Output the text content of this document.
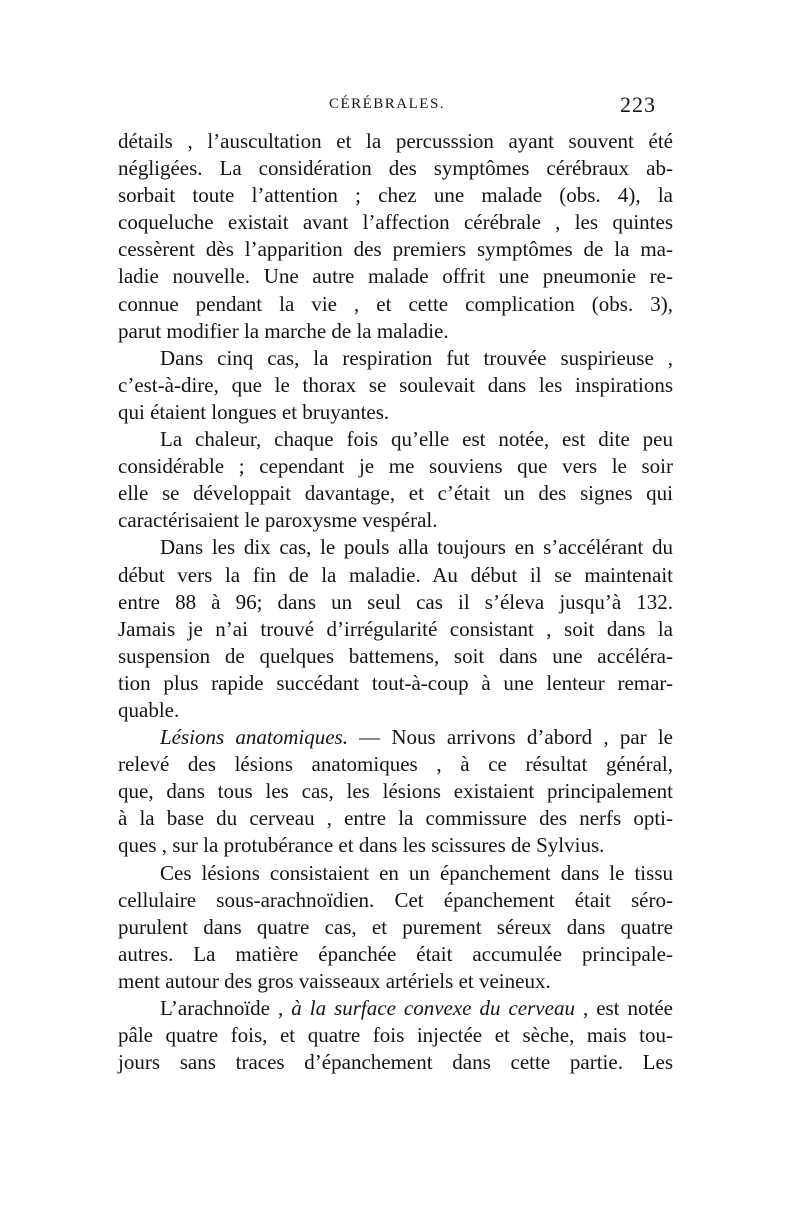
CÉRÉBRALES.	223
détails , l’auscultation et la percusssion ayant souvent été
négligées. La considération des symptômes cérébraux ab-
sorbait toute l’attention ; chez une malade (obs. 4), la
coqueluche existait avant l’affection cérébrale , les quintes
cessèrent dès l’apparition des premiers symptômes de la ma-
ladie nouvelle. Une autre malade offrit une pneumonie re-
connue pendant la vie , et cette complication (obs. 3),
parut modifier la marche de la maladie.
Dans cinq cas, la respiration fut trouvée suspirieuse ,
c’est-à-dire, que le thorax se soulevait dans les inspirations
qui étaient longues et bruyantes.
La chaleur, chaque fois qu’elle est notée, est dite peu
considérable ; cependant je me souviens que vers le soir
elle se développait davantage, et c’était un des signes qui
caractérisaient le paroxysme vespéral.
Dans les dix cas, le pouls alla toujours en s’accélérant du
début vers la fin de la maladie. Au début il se maintenait
entre 88 à 96; dans un seul cas il s’éleva jusqu’à 132.
Jamais je n’ai trouvé d’irrégularité consistant , soit dans la
suspension de quelques battemens, soit dans une accéléra-
tion plus rapide succédant tout-à-coup à une lenteur remar-
quable.
Lésions anatomiques. — Nous arrivons d’abord , par le
relevé des lésions anatomiques , à ce résultat général,
que, dans tous les cas, les lésions existaient principalement
à la base du cerveau , entre la commissure des nerfs opti-
ques , sur la protubérance et dans les scissures de Sylvius.
Ces lésions consistaient en un épanchement dans le tissu
cellulaire sous-arachnoïdien. Cet épanchement était séro-
purulent dans quatre cas, et purement séreux dans quatre
autres. La matière épanchée était accumulée principale-
ment autour des gros vaisseaux artériels et veineux.
L’arachnoïde , à la surface convexe du cerveau , est notée
pâle quatre fois, et quatre fois injectée et sèche, mais tou-
jours sans traces d’épanchement dans cette partie. Les
